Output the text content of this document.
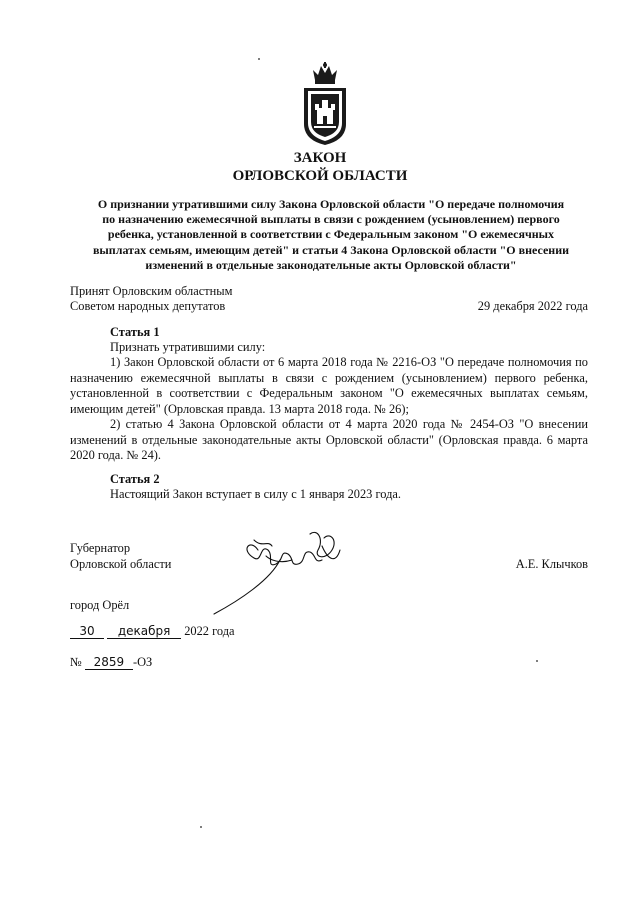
ЗАКОН
ОРЛОВСКОЙ ОБЛАСТИ
О признании утратившими силу Закона Орловской области "О передаче полномочия
по назначению ежемесячной выплаты в связи с рождением (усыновлением) первого
ребенка, установленной в соответствии с Федеральным законом "О ежемесячных
выплатах семьям, имеющим детей" и статьи 4 Закона Орловской области "О внесении
изменений в отдельные законодательные акты Орловской области"
Принят Орловским областным
Советом народных депутатов	29 декабря 2022 года
Статья 1

Признать утратившими силу:

1) Закон Орловской области от 6 марта 2018 года № 2216-ОЗ "О передаче полномочия по назначению ежемесячной выплаты в связи с рождением (усыновлением) первого ребенка, установленной в соответствии с Федеральным законом "О ежемесячных выплатах семьям, имеющим детей" (Орловская правда. 13 марта 2018 года. № 26);

2) статью 4 Закона Орловской области от 4 марта 2020 года № 2454-ОЗ "О внесении изменений в отдельные законодательные акты Орловской области" (Орловская правда. 6 марта 2020 года. № 24).

Статья 2

Настоящий Закон вступает в силу с 1 января 2023 года.

Губернатор
Орловской области	А.Е. Клычков
город Орёл
30 декабря 2022 года
№ 2859 -ОЗ
